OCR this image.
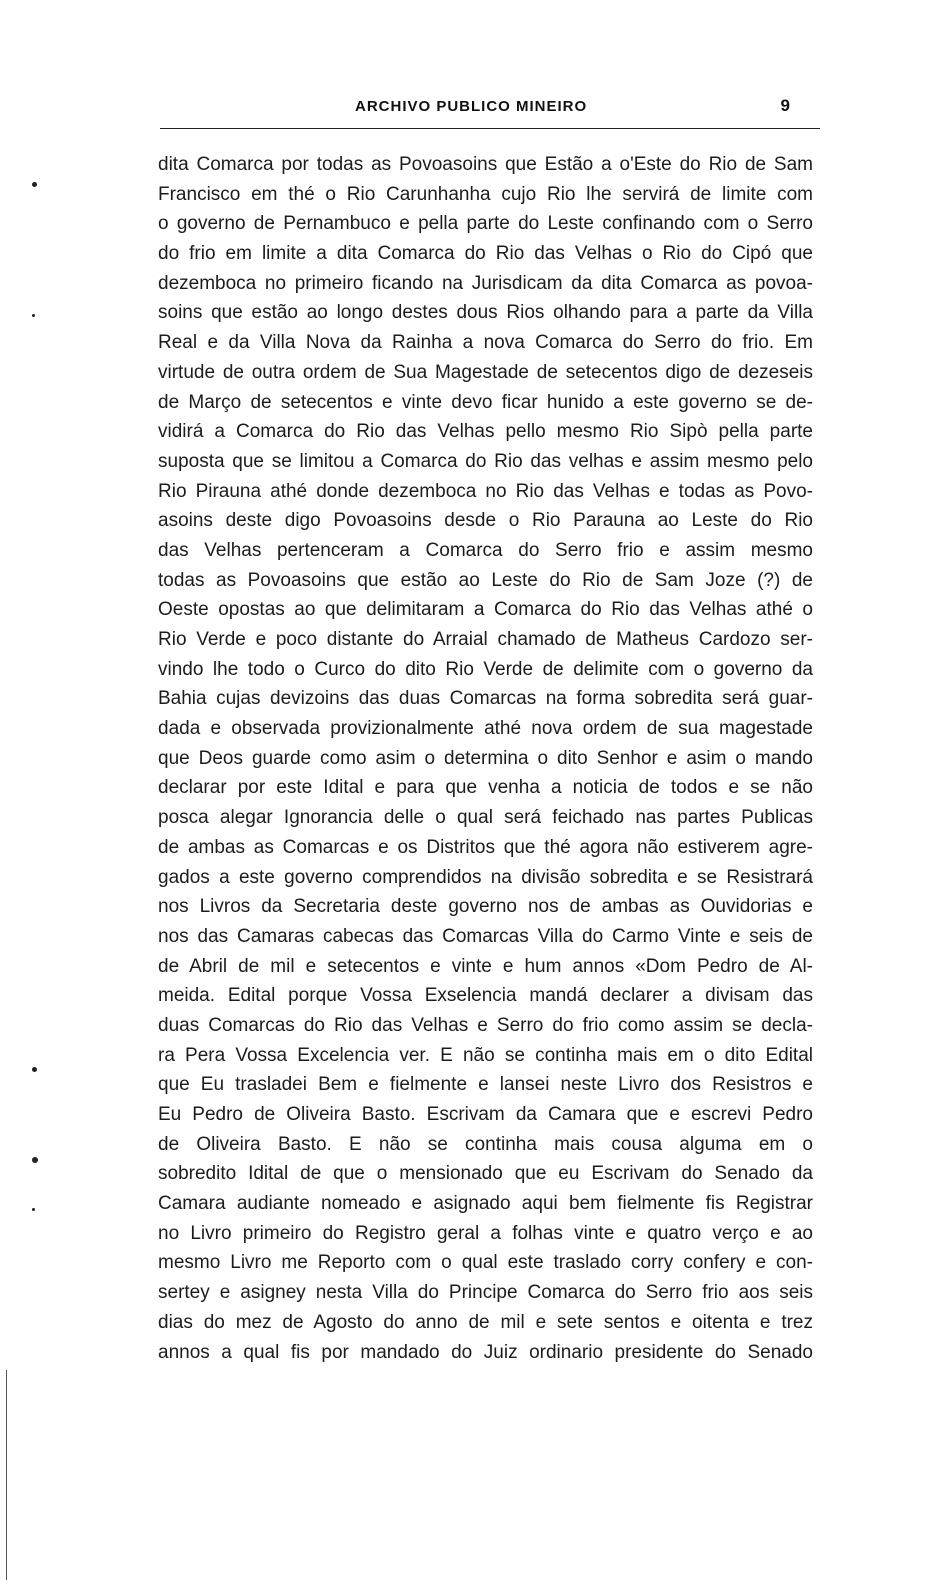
ARCHIVO PUBLICO MINEIRO	9
dita Comarca por todas as Povoasoins que Estão a o'Este do Rio de Sam
Francisco em thé o Rio Carunhanha cujo Rio lhe servirá de limite com
o governo de Pernambuco e pella parte do Leste confinando com o Serro
do frio em limite a dita Comarca do Rio das Velhas o Rio do Cipó que
dezemboca no primeiro ficando na Jurisdicam da dita Comarca as povoa-
soins que estão ao longo destes dous Rios olhando para a parte da Villa
Real e da Villa Nova da Rainha a nova Comarca do Serro do frio. Em
virtude de outra ordem de Sua Magestade de setecentos digo de dezeseis
de Março de setecentos e vinte devo ficar hunido a este governo se de-
vidirá a Comarca do Rio das Velhas pello mesmo Rio Sipò pella parte
suposta que se limitou a Comarca do Rio das velhas e assim mesmo pelo
Rio Pirauna athé donde dezemboca no Rio das Velhas e todas as Povo-
asoins deste digo Povoasoins desde o Rio Parauna ao Leste do Rio
das Velhas pertenceram a Comarca do Serro frio e assim mesmo
todas as Povoasoins que estão ao Leste do Rio de Sam Joze (?) de
Oeste opostas ao que delimitaram a Comarca do Rio das Velhas athé o
Rio Verde e poco distante do Arraial chamado de Matheus Cardozo ser-
vindo lhe todo o Curco do dito Rio Verde de delimite com o governo da
Bahia cujas devizoins das duas Comarcas na forma sobredita será guar-
dada e observada provizionalmente athé nova ordem de sua magestade
que Deos guarde como asim o determina o dito Senhor e asim o mando
declarar por este Idital e para que venha a noticia de todos e se não
posca alegar Ignorancia delle o qual será feichado nas partes Publicas
de ambas as Comarcas e os Distritos que thé agora não estiverem agre-
gados a este governo comprendidos na divisão sobredita e se Resistrará
nos Livros da Secretaria deste governo nos de ambas as Ouvidorias e
nos das Camaras cabecas das Comarcas Villa do Carmo Vinte e seis de
de Abril de mil e setecentos e vinte e hum annos «Dom Pedro de Al-
meida. Edital porque Vossa Exselencia mandá declarer a divisam das
duas Comarcas do Rio das Velhas e Serro do frio como assim se decla-
ra Pera Vossa Excelencia ver. E não se continha mais em o dito Edital
que Eu trasladei Bem e fielmente e lansei neste Livro dos Resistros e
Eu Pedro de Oliveira Basto. Escrivam da Camara que e escrevi Pedro
de Oliveira Basto. E não se continha mais cousa alguma em o
sobredito Idital de que o mensionado que eu Escrivam do Senado da
Camara audiante nomeado e asignado aqui bem fielmente fis Registrar
no Livro primeiro do Registro geral a folhas vinte e quatro verço e ao
mesmo Livro me Reporto com o qual este traslado corry confery e con-
sertey e asigney nesta Villa do Principe Comarca do Serro frio aos seis
dias do mez de Agosto do anno de mil e sete sentos e oitenta e trez
annos a qual fis por mandado do Juiz ordinario presidente do Senado
